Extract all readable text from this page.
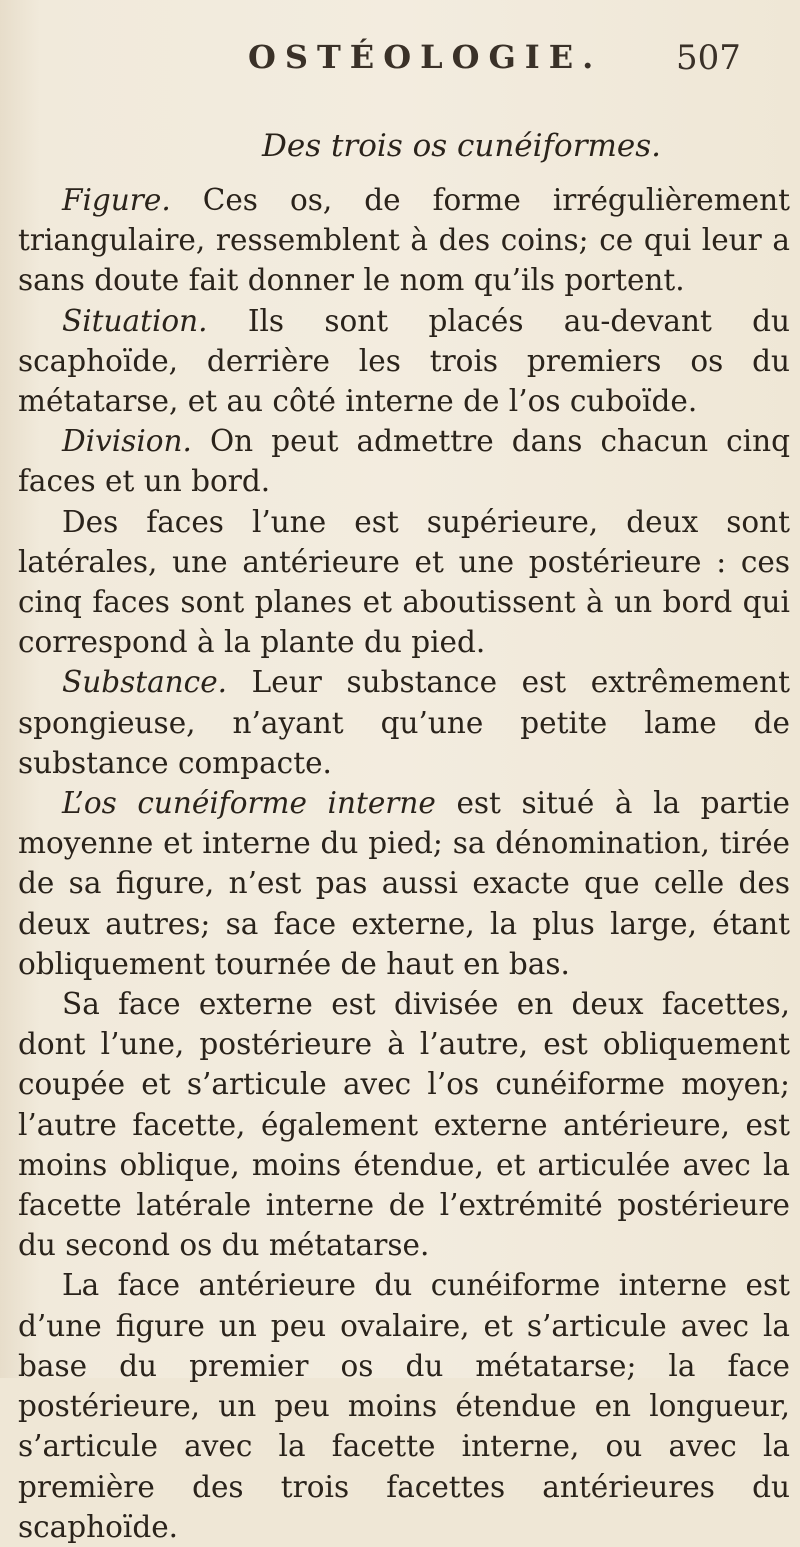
OSTÉOLOGIE. 507
Des trois os cunéiformes.

Figure. Ces os, de forme irrégulièrement triangulaire, ressemblent à des coins; ce qui leur a sans doute fait donner le nom qu’ils portent.

Situation. Ils sont placés au-devant du scaphoïde, derrière les trois premiers os du métatarse, et au côté interne de l’os cuboïde.

Division. On peut admettre dans chacun cinq faces et un bord.

Des faces l’une est supérieure, deux sont latérales, une antérieure et une postérieure : ces cinq faces sont planes et aboutissent à un bord qui correspond à la plante du pied.

Substance. Leur substance est extrêmement spongieuse, n’ayant qu’une petite lame de substance compacte.

L’os cunéiforme interne est situé à la partie moyenne et interne du pied; sa dénomination, tirée de sa figure, n’est pas aussi exacte que celle des deux autres; sa face externe, la plus large, étant obliquement tournée de haut en bas.

Sa face externe est divisée en deux facettes, dont l’une, postérieure à l’autre, est obliquement coupée et s’articule avec l’os cunéiforme moyen; l’autre facette, également externe antérieure, est moins oblique, moins étendue, et articulée avec la facette latérale interne de l’extrémité postérieure du second os du métatarse.

La face antérieure du cunéiforme interne est d’une figure un peu ovalaire, et s’articule avec la base du premier os du métatarse; la face postérieure, un peu moins étendue en longueur, s’articule avec la facette interne, ou avec la première des trois facettes antérieures du scaphoïde.
